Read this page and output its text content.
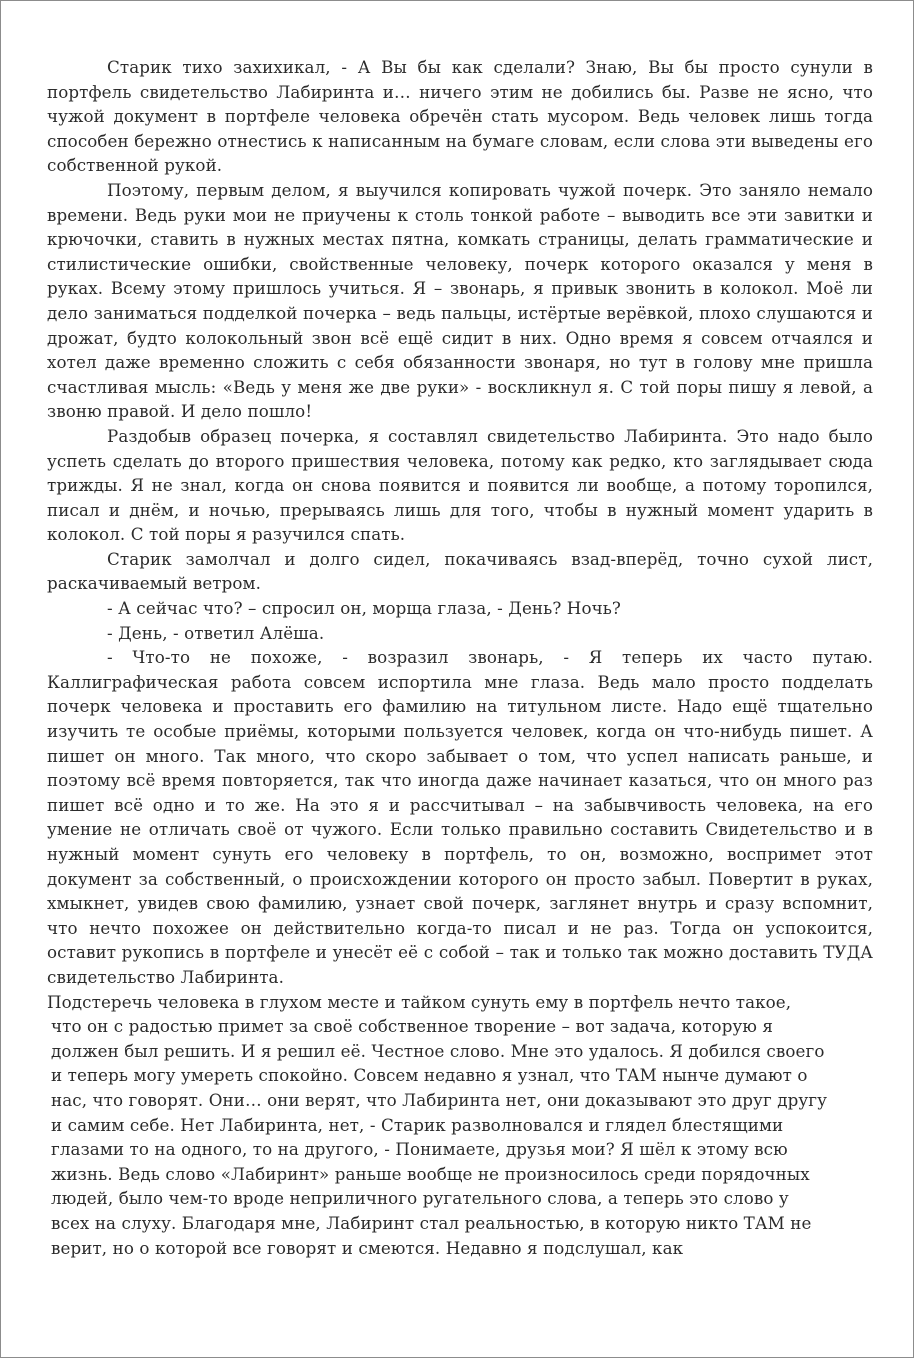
Старик тихо захихикал, - А Вы бы как сделали? Знаю, Вы бы просто сунули в портфель свидетельство Лабиринта и… ничего этим не добились бы. Разве не ясно, что чужой документ в портфеле человека обречён стать мусором. Ведь человек лишь тогда способен бережно отнестись к написанным на бумаге словам, если слова эти выведены его собственной рукой.

Поэтому, первым делом, я выучился копировать чужой почерк. Это заняло немало времени. Ведь руки мои не приучены к столь тонкой работе – выводить все эти завитки и крючочки, ставить в нужных местах пятна, комкать страницы, делать грамматические и стилистические ошибки, свойственные человеку, почерк которого оказался у меня в руках. Всему этому пришлось учиться. Я – звонарь, я привык звонить в колокол. Моё ли дело заниматься подделкой почерка – ведь пальцы, истёртые верёвкой, плохо слушаются и дрожат, будто колокольный звон всё ещё сидит в них. Одно время я совсем отчаялся и хотел даже временно сложить с себя обязанности звонаря, но тут в голову мне пришла счастливая мысль: «Ведь у меня же две руки» - воскликнул я. С той поры пишу я левой, а звоню правой. И дело пошло!

Раздобыв образец почерка, я составлял свидетельство Лабиринта. Это надо было успеть сделать до второго пришествия человека, потому как редко, кто заглядывает сюда трижды. Я не знал, когда он снова появится и появится ли вообще, а потому торопился, писал и днём, и ночью, прерываясь лишь для того, чтобы в нужный момент ударить в колокол. С той поры я разучился спать.

Старик замолчал и долго сидел, покачиваясь взад-вперёд, точно сухой лист, раскачиваемый ветром.

- А сейчас что? – спросил он, морща глаза, - День? Ночь?

- День, - ответил Алёша.

- Что-то не похоже, - возразил звонарь, - Я теперь их часто путаю. Каллиграфическая работа совсем испортила мне глаза. Ведь мало просто подделать почерк человека и проставить его фамилию на титульном листе. Надо ещё тщательно изучить те особые приёмы, которыми пользуется человек, когда он что-нибудь пишет. А пишет он много. Так много, что скоро забывает о том, что успел написать раньше, и поэтому всё время повторяется, так что иногда даже начинает казаться, что он много раз пишет всё одно и то же. На это я и рассчитывал – на забывчивость человека, на его умение не отличать своё от чужого. Если только правильно составить Свидетельство и в нужный момент сунуть его человеку в портфель, то он, возможно, воспримет этот документ за собственный, о происхождении которого он просто забыл. Повертит в руках, хмыкнет, увидев свою фамилию, узнает свой почерк, заглянет внутрь и сразу вспомнит, что нечто похожее он действительно когда-то писал и не раз. Тогда он успокоится, оставит рукопись в портфеле и унесёт её с собой – так и только так можно доставить ТУДА свидетельство Лабиринта.

Подстеречь человека в глухом месте и тайком сунуть ему в портфель нечто такое,

что он с радостью примет за своё собственное творение – вот задача, которую я

должен был решить. И я решил её. Честное слово. Мне это удалось. Я добился своего

и теперь могу умереть спокойно. Совсем недавно я узнал, что ТАМ нынче думают о

нас, что говорят. Они… они верят, что Лабиринта нет, они доказывают это друг другу

и самим себе. Нет Лабиринта, нет, - Старик разволновался и глядел блестящими

глазами то на одного, то на другого, - Понимаете, друзья мои? Я шёл к этому всю

жизнь. Ведь слово «Лабиринт» раньше вообще не произносилось среди порядочных

людей, было чем-то вроде неприличного ругательного слова, а теперь это слово у

всех на слуху. Благодаря мне, Лабиринт стал реальностью, в которую никто ТАМ не

верит, но о которой все говорят и смеются. Недавно я подслушал, как
